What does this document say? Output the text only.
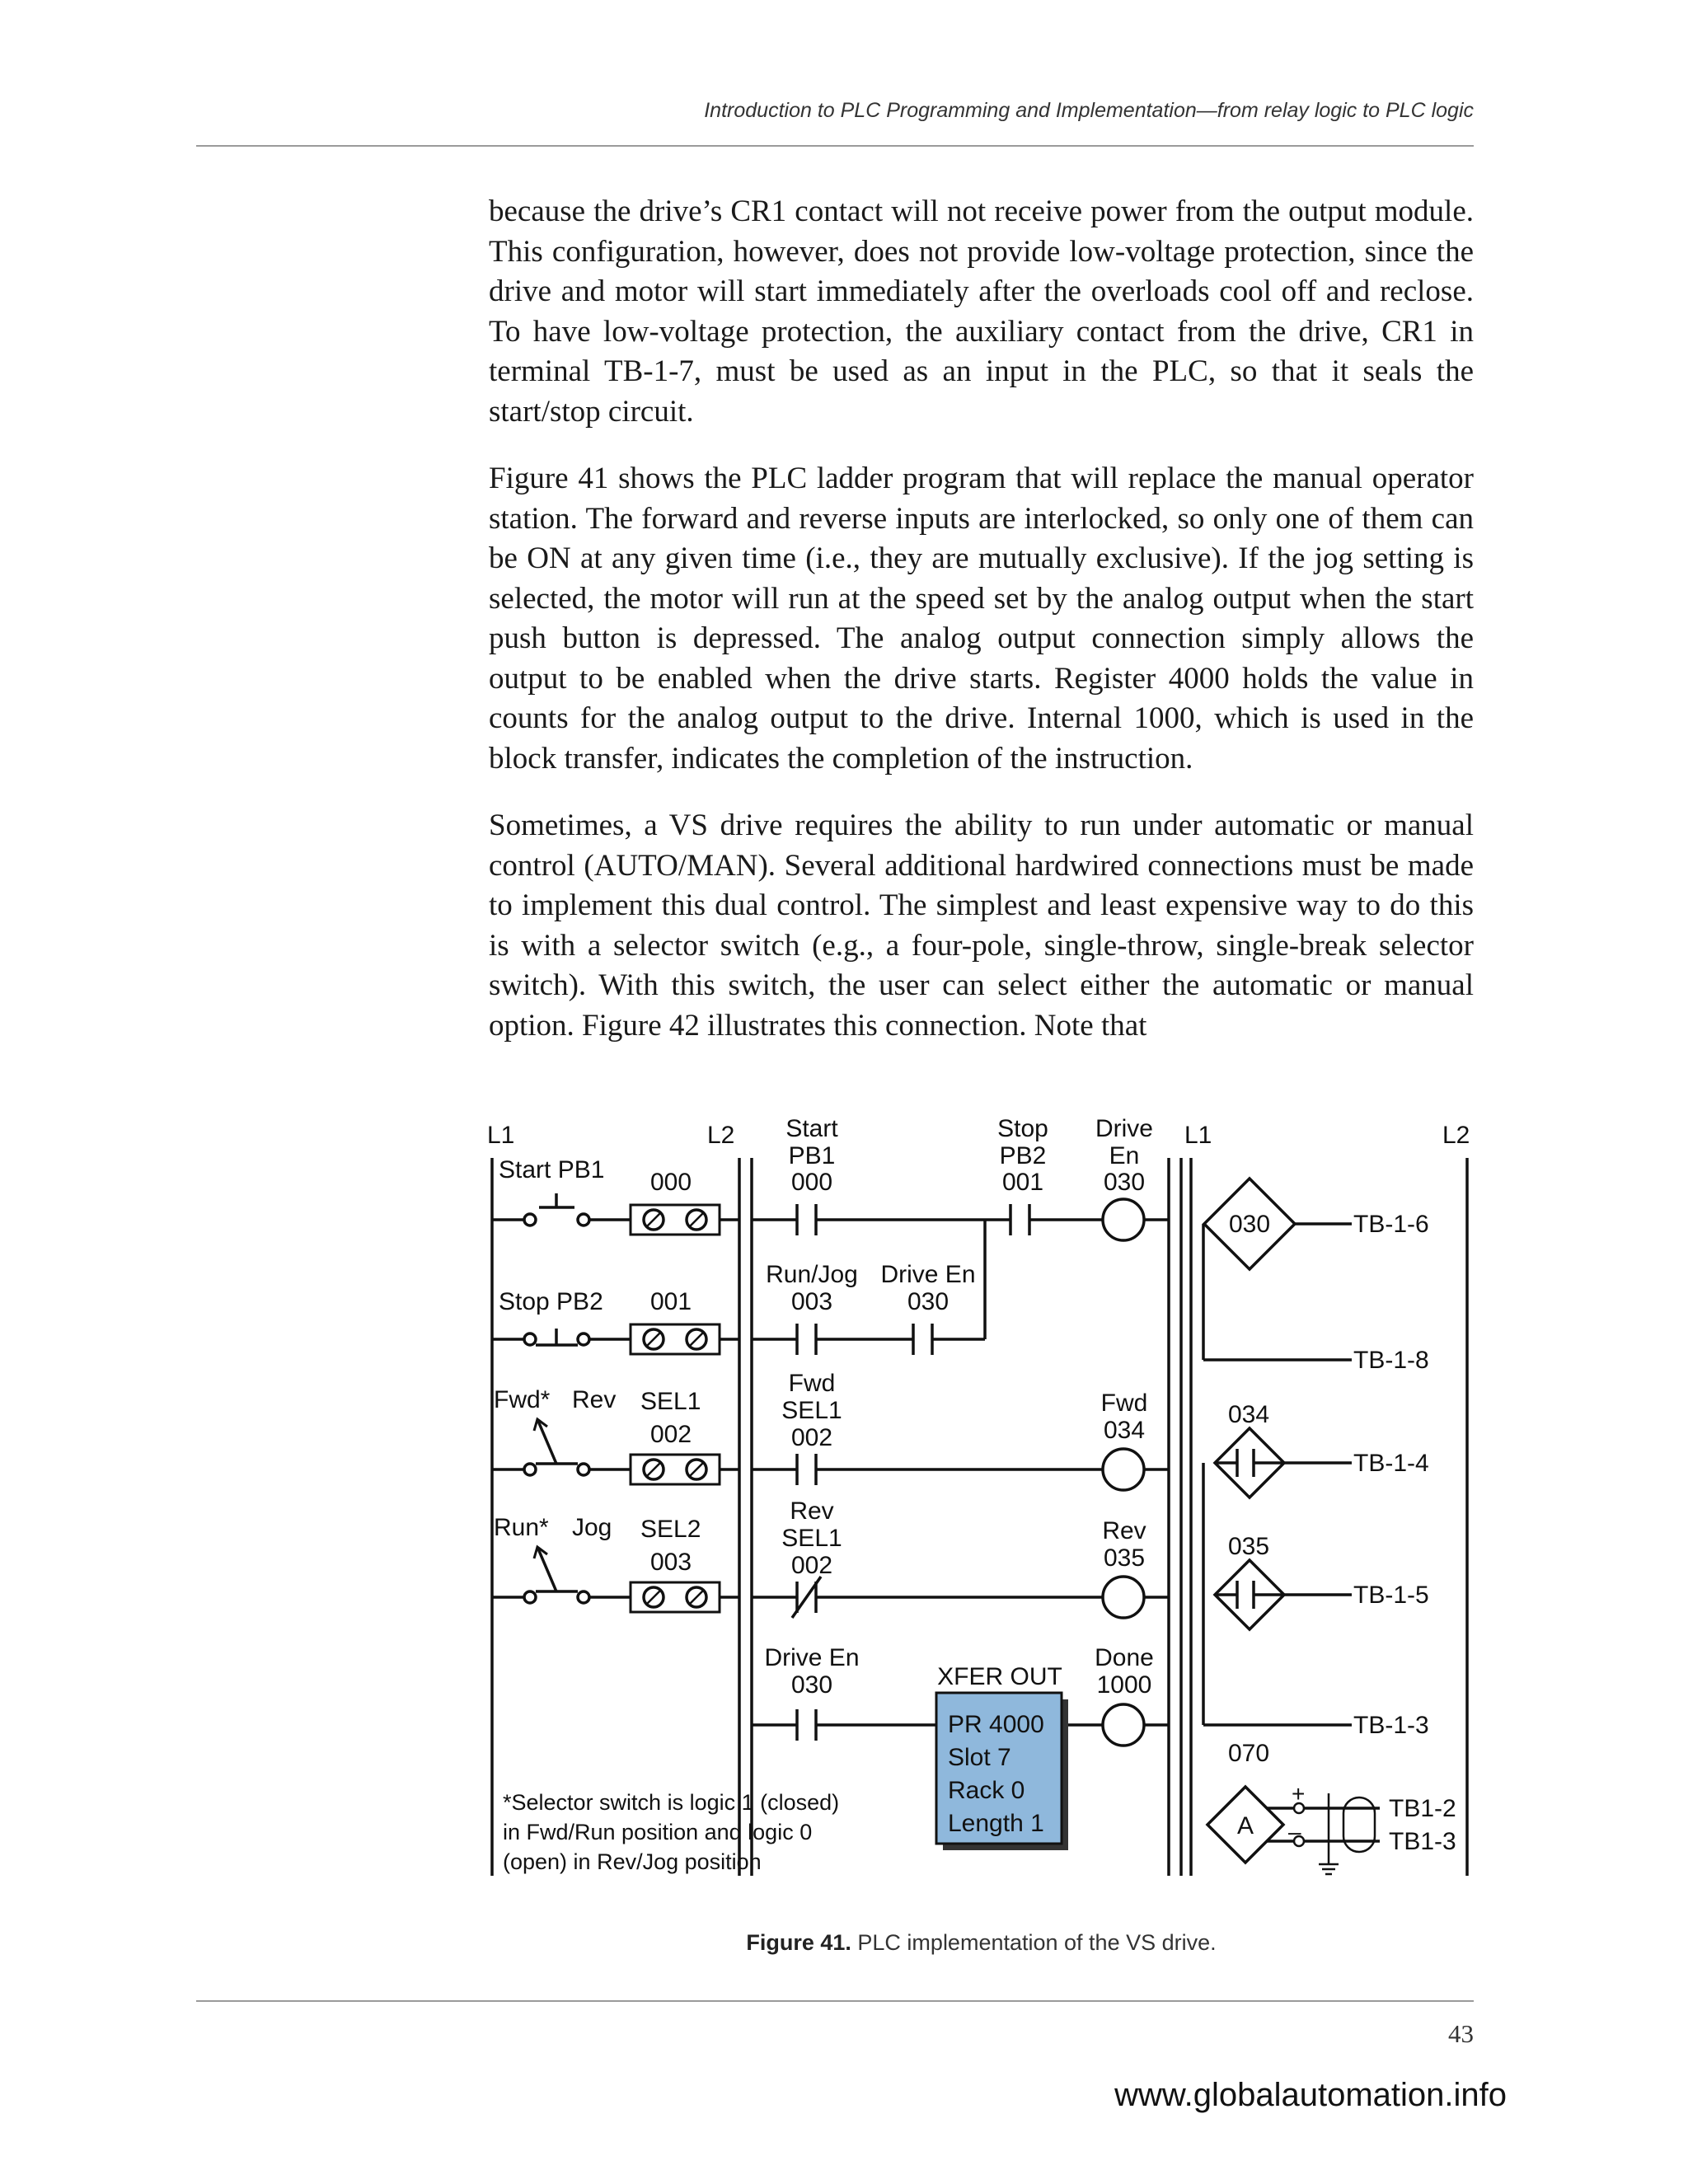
Introduction to PLC Programming and Implementation—from relay logic to PLC logic

because the drive’s CR1 contact will not receive power from the output module. This configuration, however, does not provide low-voltage protection, since the drive and motor will start immediately after the overloads cool off and reclose. To have low-voltage protection, the auxiliary contact from the drive, CR1 in terminal TB-1-7, must be used as an input in the PLC, so that it seals the start/stop circuit.

Figure 41 shows the PLC ladder program that will replace the manual operator station. The forward and reverse inputs are interlocked, so only one of them can be ON at any given time (i.e., they are mutually exclusive). If the jog setting is selected, the motor will run at the speed set by the analog output when the start push button is depressed. The analog output connection simply allows the output to be enabled when the drive starts. Register 4000 holds the value in counts for the analog output to the drive. Internal 1000, which is used in the block transfer, indicates the completion of the instruction.

Sometimes, a VS drive requires the ability to run under automatic or manual control (AUTO/MAN). Several additional hardwired connections must be made to implement this dual control. The simplest and least expensive way to do this is with a selector switch (e.g., a four-pole, single-throw, single-break selector switch). With this switch, the user can select either the automatic or manual option. Figure 42 illustrates this connection. Note that

L1	L2
Start PB1 000
Stop PB2 001
Fwd* Rev SEL1
002
Run* Jog SEL2
003
*Selector switch is logic 1 (closed)
in Fwd/Run position and logic 0
(open) in Rev/Jog position
Start
PB1
000
Stop
PB2
001
Drive
En
030
Run/Jog
003
Drive En
030
Fwd
SEL1
002
Fwd
034
Rev
SEL1
002
Rev
035
Drive En
030	XFER OUT
Done
1000
PR 4000
Slot 7
Rack 0
Length 1
L1	L2
030
034
035
070
TB-1-6
TB-1-8
TB-1-4
TB-1-5
TB-1-3
TB1-2
TB1-3
A
+
–
Figure 41. PLC implementation of the VS drive.
43
www.globalautomation.info
